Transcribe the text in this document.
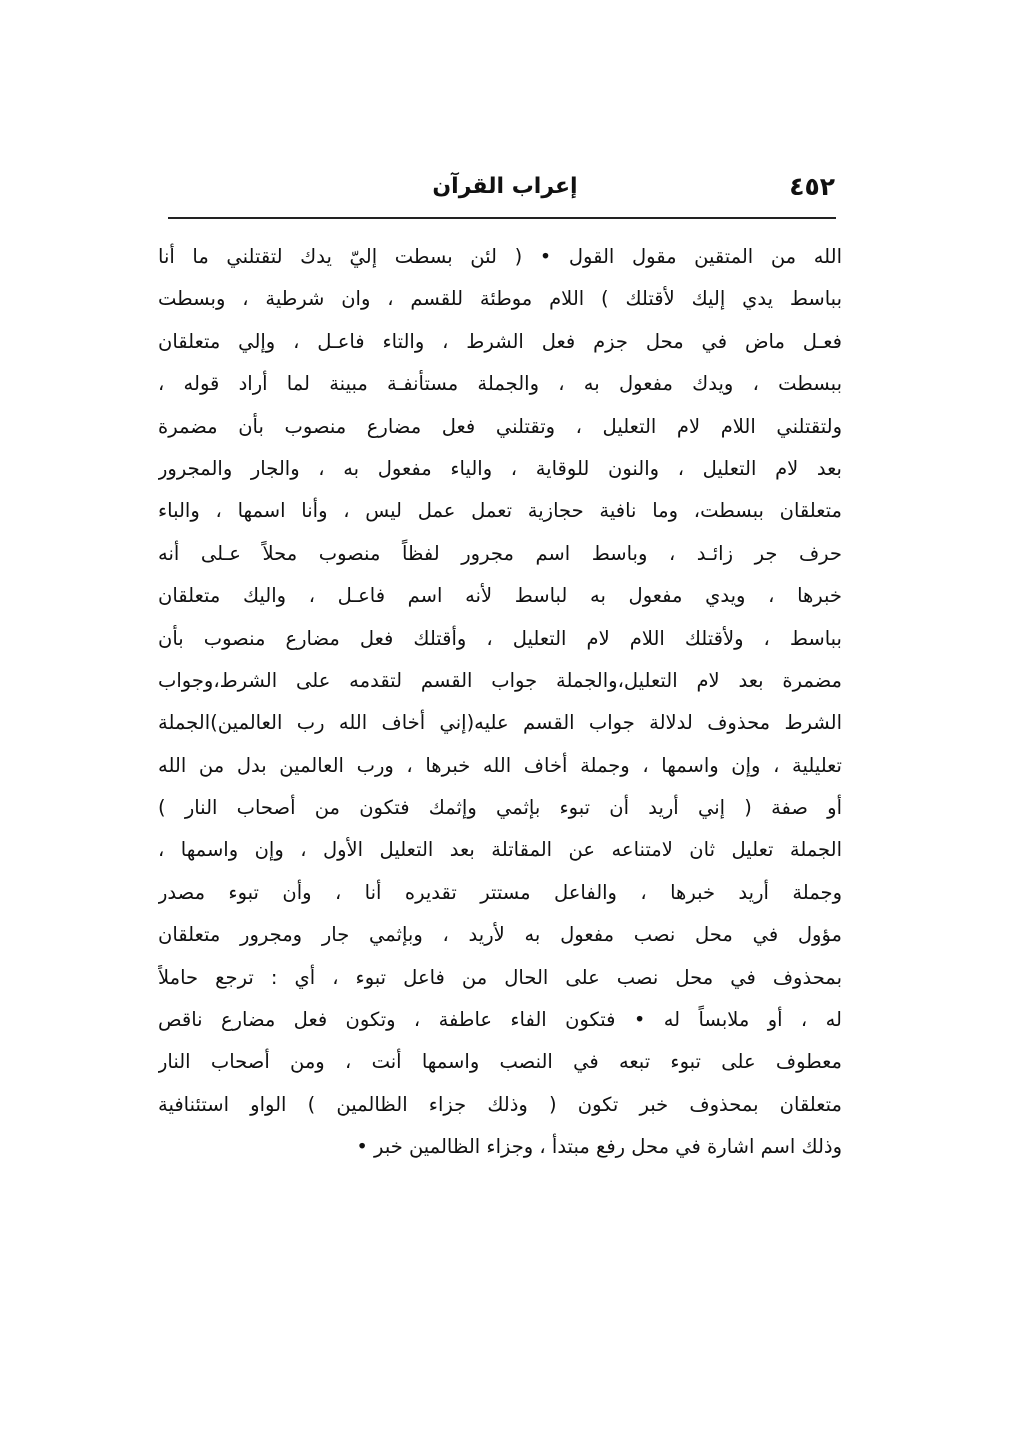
٤٥٢
إعراب القرآن
الله من المتقين مقول القول • ( لئن بسطت إليّ يدك لتقتلني ما أنا
بباسط يدي إليك لأقتلك ) اللام موطئة للقسم ، وان شرطية ، وبسطت
فعـل ماض في محل جزم فعل الشرط ، والتاء فاعـل ، وإلي متعلقان
ببسطت ، ويدك مفعول به ، والجملة مستأنفـة مبينة لما أراد قوله ،
ولتقتلني اللام لام التعليل ، وتقتلني فعل مضارع منصوب بأن مضمرة
بعد لام التعليل ، والنون للوقاية ، والياء مفعول به ، والجار والمجرور
متعلقان ببسطت، وما نافية حجازية تعمل عمل ليس ، وأنا اسمها ، والباء
حرف جر زائـد ، وباسط اسم مجرور لفظاً منصوب محلاً عـلى أنه
خبرها ، ويدي مفعول به لباسط لأنه اسم فاعـل ، واليك متعلقان
بباسط ، ولأقتلك اللام لام التعليل ، وأقتلك فعل مضارع منصوب بأن
مضمرة بعد لام التعليل،والجملة جواب القسم لتقدمه على الشرط،وجواب
الشرط محذوف لدلالة جواب القسم عليه(إني أخاف الله رب العالمين)الجملة
تعليلية ، وإن واسمها ، وجملة أخاف الله خبرها ، ورب العالمين بدل من الله
أو صفة ( إني أريد أن تبوء بإثمي وإثمك فتكون من أصحاب النار )
الجملة تعليل ثان لامتناعه عن المقاتلة بعد التعليل الأول ، وإن واسمها ،
وجملة أريد خبرها ، والفاعل مستتر تقديره أنا ، وأن تبوء مصدر
مؤول في محل نصب مفعول به لأريد ، وبإثمي جار ومجرور متعلقان
بمحذوف في محل نصب على الحال من فاعل تبوء ، أي : ترجع حاملاً
له ، أو ملابساً له • فتكون الفاء عاطفة ، وتكون فعل مضارع ناقص
معطوف على تبوء تبعه في النصب واسمها أنت ، ومن أصحاب النار
متعلقان بمحذوف خبر تكون ( وذلك جزاء الظالمين ) الواو استئنافية
وذلك اسم اشارة في محل رفع مبتدأ ، وجزاء الظالمين خبر •
